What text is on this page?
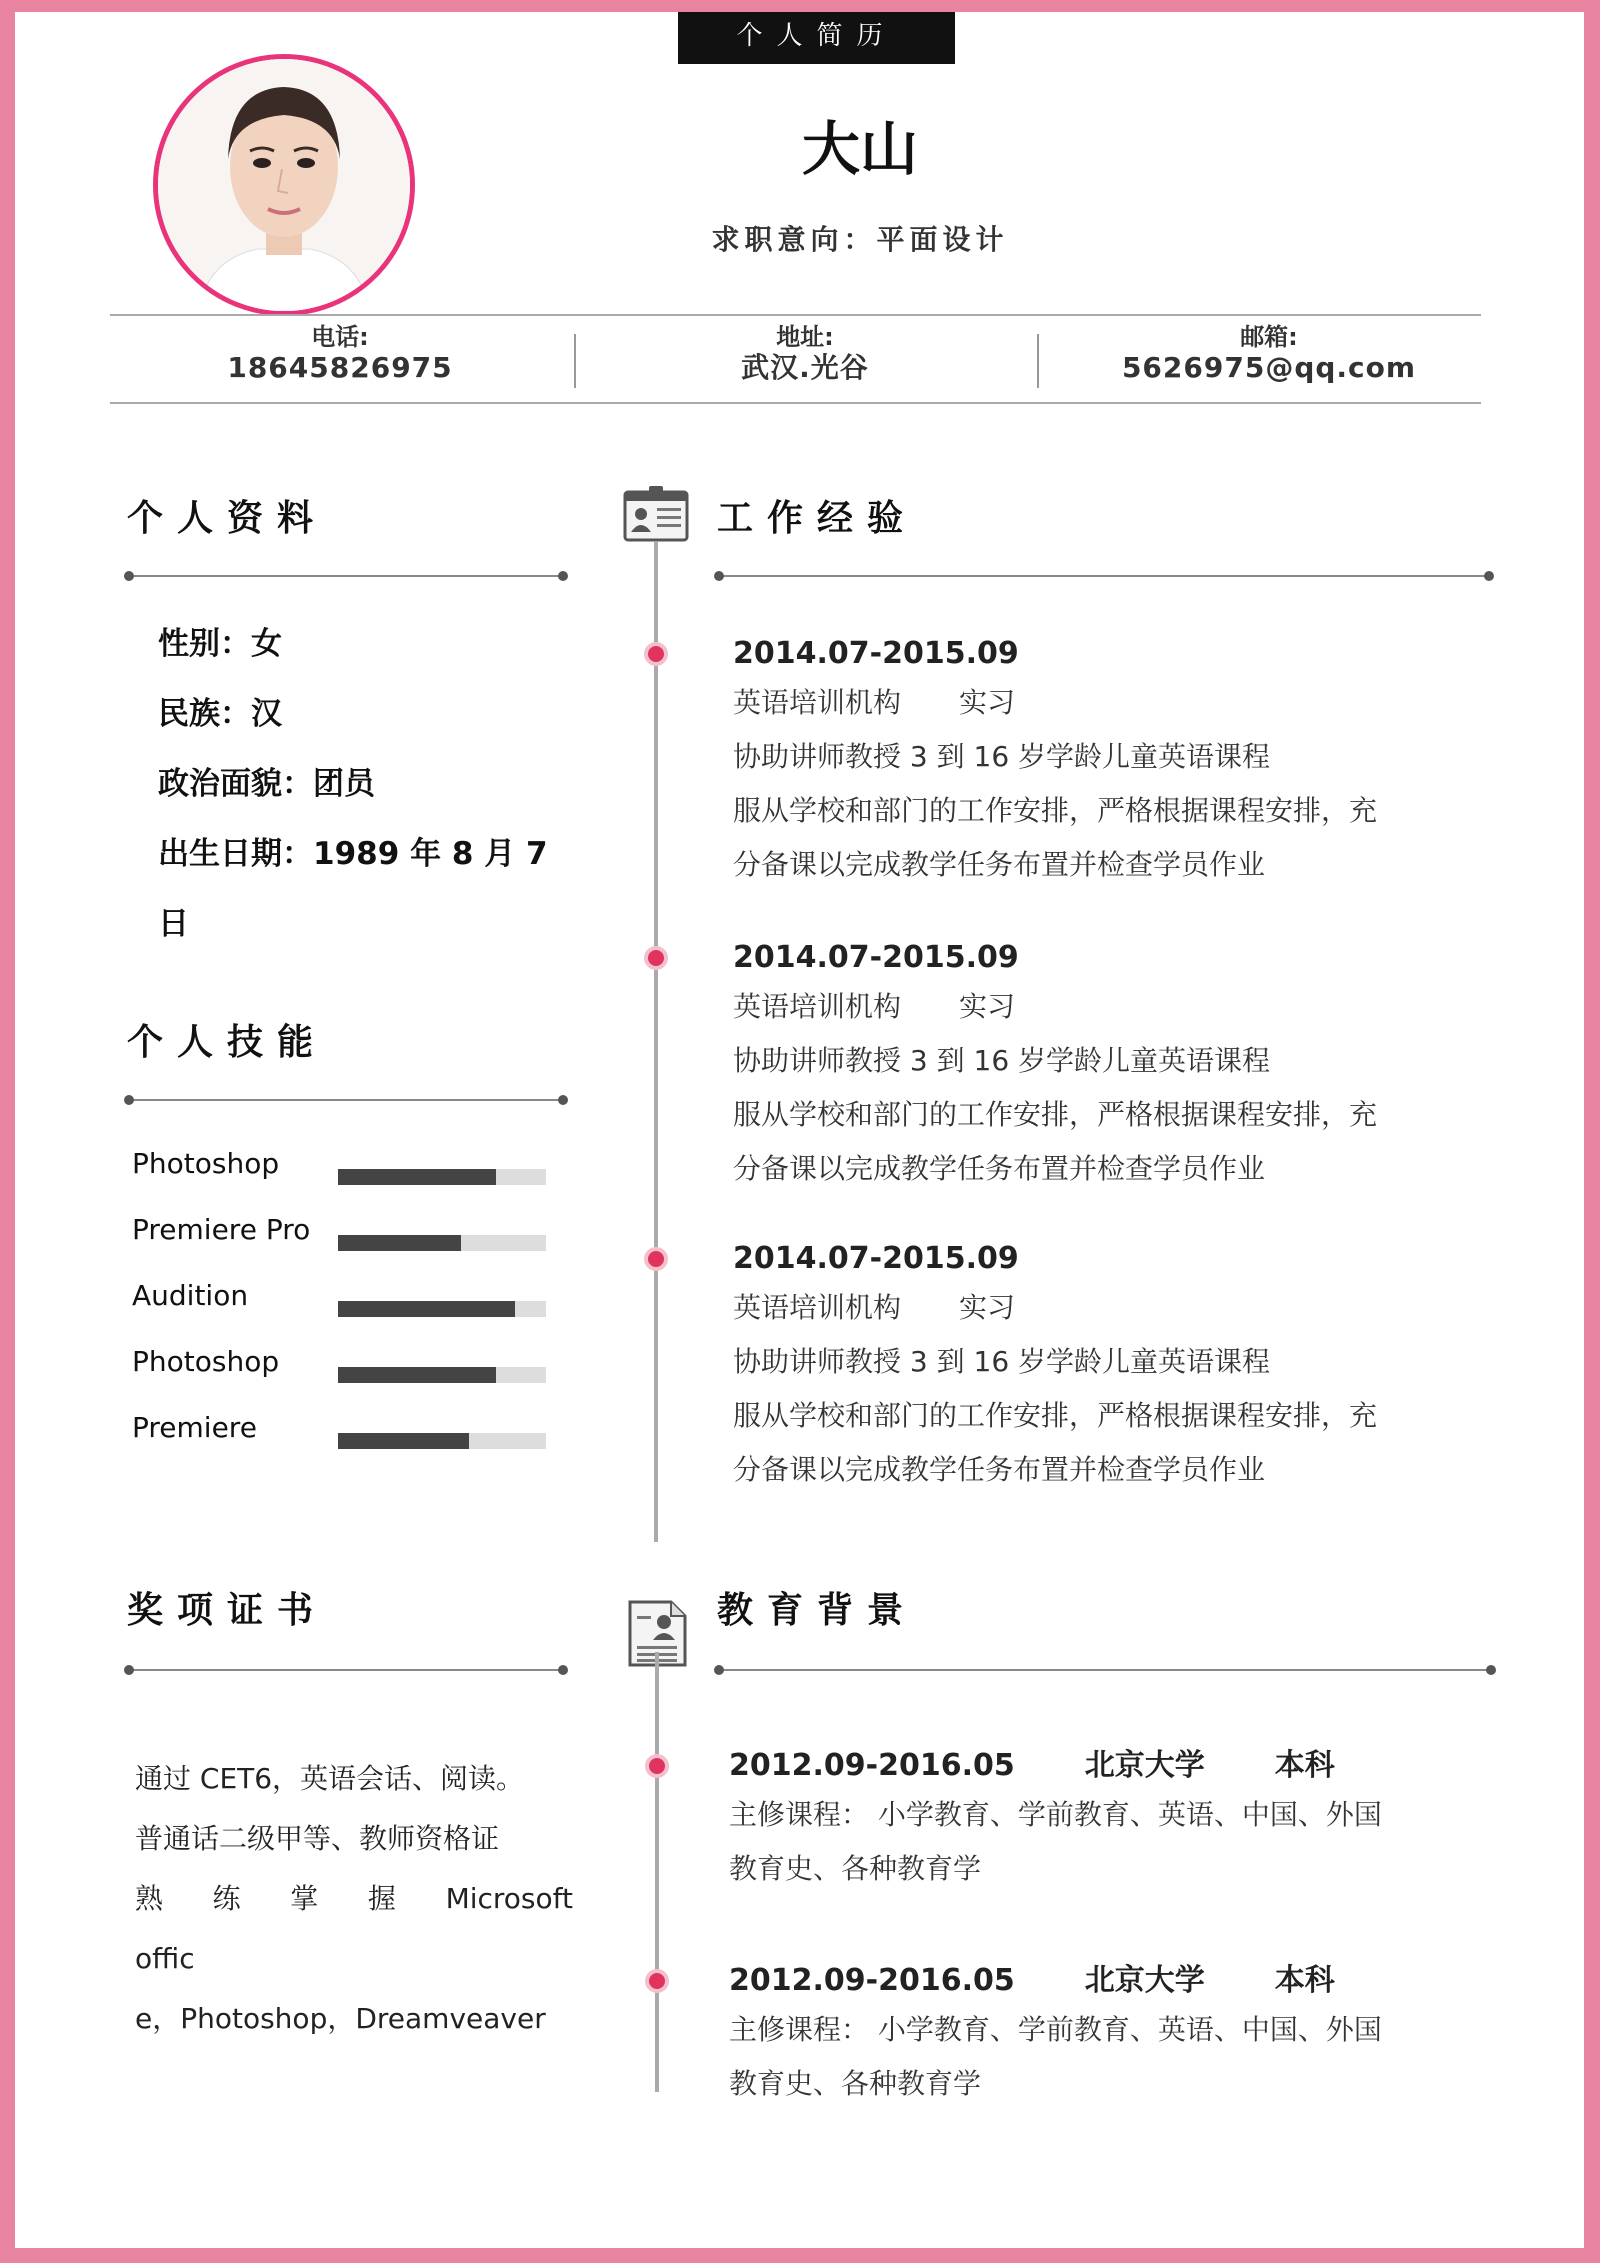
个人简历
大山
求职意向：平面设计
电话:
18645826975
地址:
武汉.光谷
邮箱:
5626975@qq.com
个人资料
性别：女
民族：汉
政治面貌：团员
出生日期：1989 年 8 月 7
日
个人技能
Photoshop
Premiere Pro
Audition
Photoshop
Premiere
工作经验
2014.07-2015.09
英语培训机构 实习
协助讲师教授 3 到 16 岁学龄儿童英语课程
服从学校和部门的工作安排，严格根据课程安排，充
分备课以完成教学任务布置并检查学员作业
2014.07-2015.09
英语培训机构 实习
协助讲师教授 3 到 16 岁学龄儿童英语课程
服从学校和部门的工作安排，严格根据课程安排，充
分备课以完成教学任务布置并检查学员作业
2014.07-2015.09
英语培训机构 实习
协助讲师教授 3 到 16 岁学龄儿童英语课程
服从学校和部门的工作安排，严格根据课程安排，充
分备课以完成教学任务布置并检查学员作业
奖项证书
通过 CET6，英语会话、阅读。
普通话二级甲等、教师资格证
熟 练 掌 握 Microsoft
offic
e，Photoshop，Dreamveaver
教育背景
2012.09-2016.05 北京大学 本科
主修课程： 小学教育、学前教育、英语、中国、外国
教育史、各种教育学
2012.09-2016.05 北京大学 本科
主修课程： 小学教育、学前教育、英语、中国、外国
教育史、各种教育学
